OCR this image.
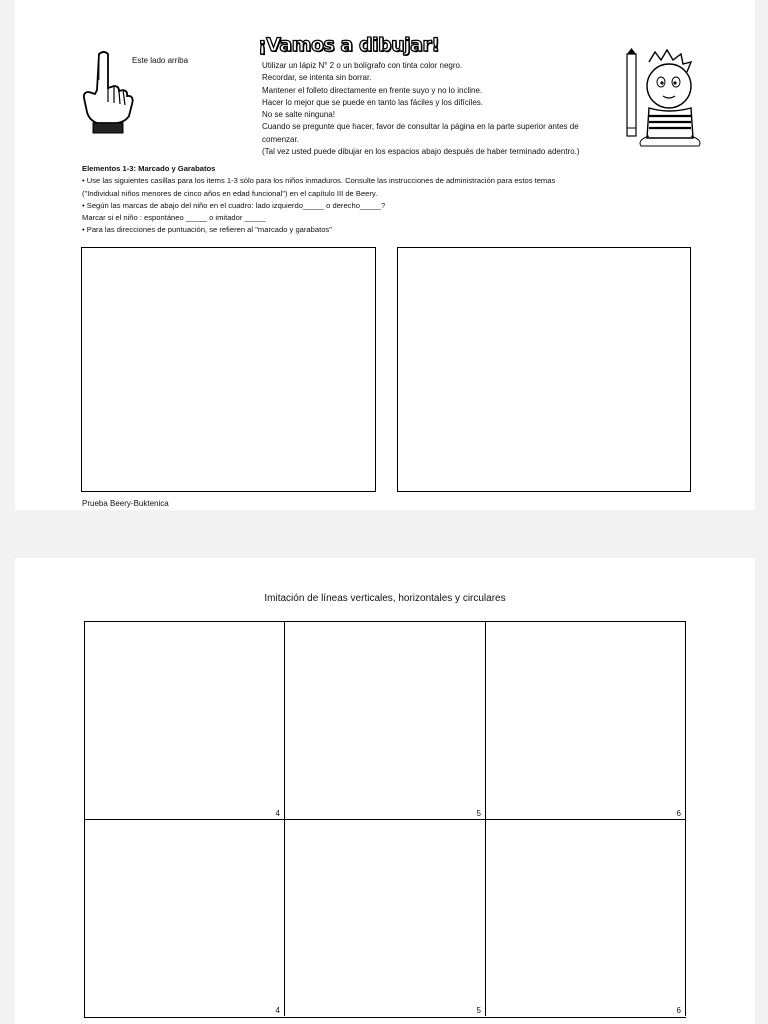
Este lado arriba
¡Vamos a dibujar!
Utilizar un lápiz N° 2 o un bolígrafo con tinta color negro.
Recordar, se intenta sin borrar.
Mantener el folleto directamente en frente suyo y no lo incline.
Hacer lo mejor que se puede en tanto las fáciles y los difíciles.
No se salte ninguna!
Cuando se pregunte que hacer, favor de consultar la página en la parte superior antes de
comenzar.
(Tal vez usted puede dibujar en los espacios abajo después de haber terminado adentro.)
Elementos 1-3: Marcado y Garabatos
• Use las siguientes casillas para los items 1-3 sólo para los niños inmaduros. Consulte las instrucciones de administración para estos temas
("Individual niños menores de cinco años en edad funcional") en el capítulo III de Beery.
• Según las marcas de abajo del niño en el cuadro: lado izquierdo_____ o derecho_____?
Marcar si el niño : espontáneo _____ o imitador _____
• Para las direcciones de puntuación, se refieren al "marcado y garabatos"
Prueba Beery-Buktenica
Imitación de líneas verticales, horizontales y circulares
4	5	6
4	5	6
